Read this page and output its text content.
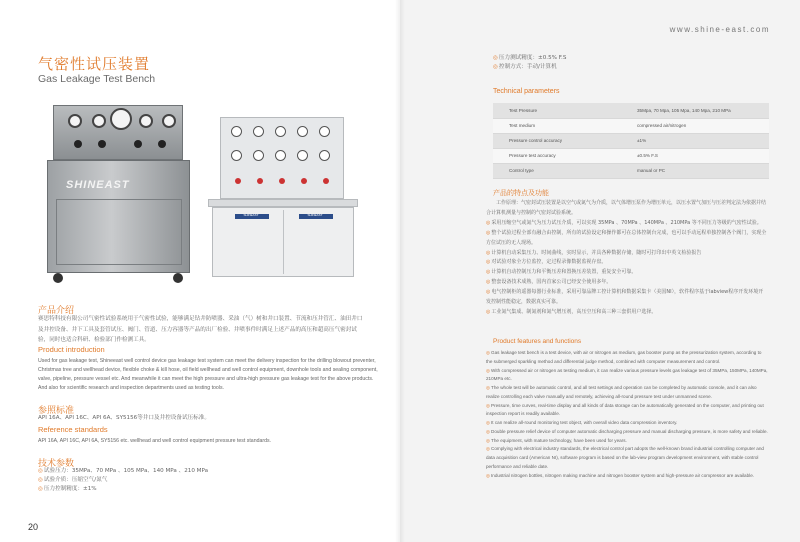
www.shine-east.com
气密性试压装置
Gas Leakage Test Bench
SHINEAST
产品介绍
赛思特科技有限公司气密性试验系统用于气密性试验，能够满足钻井防喷器、采油（气）树和井口装置、节流和压井管汇、油田井口及井控设备、井下工具及套管试压、阀门、管道、压力容器等产品的出厂检验、井喷事件时满足上述产品的高压和超高压气密封试验，同时也适合科研、检验部门作检测工具。
Product introduction
Used for gas leakage test, Shineeast well control device gas leakage test system can meet the delivery inspection for the drilling blowout preventer, Christmas tree and wellhead device, flexible choke & kill hose, oil field wellhead and well control equipment, downhole tools and sealing component, valve, pipeline, pressure vessel etc. And meanwhile it can meet the high pressure and ultra-high pressure gas leakage test for the above products. And also for scientific research and inspection departments used as testing tools.
参照标准
API 16A、API 16C、API 6A、SY5156等井口及井控设备试压标准。
Reference standards
API 16A, API 16C, API 6A, SY5156 etc. wellhead and well control equipment pressure test standards.
技术参数
◎试验压力：35MPa、70 MPa 、105 MPa、140 MPa 、210 MPa
◎试验介质：压缩空气/氮气
◎压力控制精度：±1%
20
◎压力测试精度：±0.5% F.S
◎控制方式：手动/计算机
Technical parameters
Test Pressure	35Mpa, 70 Mpa, 105 Mpa, 140 Mpa, 210 MPa
Test medium	compressed air/nitrogen
Pressure control accuracy	±1%
Pressure test accuracy	±0.5% F.S
Control type	manual or PC
产品的特点及功能
工作原理：气密封试压装置是以空气或氮气为介质，以气体增压泵作为增压单元，以压水置气加压与压差判定法为依据并结合计算机测量与控制的气密封试验系统。
◎采用压缩空气或氮气为压力试压介质，可以实现 35MPa 、70MPa 、140MPa 、210MPa 等不同压力等级的气密性试验。
◎整个试验过程全部有融合由控制，所有的试验设定和操作都可在总体控制台完成，也可以手动远程单独控制各个阀门，实现全方位试压的无人现场。
◎计算机自动采集压力、时间曲线，实时显示，并具各种数据存储，随时可打印出中英文检验报告
◎对试验对象全方位监控，定过程录像数据监视存盘。
◎计算机自动控制压力和平衡压差和置换压差装置，重复安全可靠。
◎整套设备技术成熟，国内首家公司已经安全使用多年。
◎电气控制柜的遥器每器行业标准，采用可靠品牌工控计算机和数据采集卡（美国NI），软件程序基于labview程序开发环境开发控制性能稳定，数据真实可靠。
◎工业氮气集成、制氮剂和氮气增压剂，高压空压和高三种三套供用户选择。
Product features and functions
◎Gas leakage test bench is a test device, with air or nitrogen as medium, gas booster pump as the pressurization system, according to the submerged sparkling method and differential judge method, combined with computer measurement and control.
◎With compressed air or nitrogen as testing medium, it can realize various pressure levels gas leakage test of 35MPa, 150MPa, 140MPa, 210MPa etc.
◎The whole test will be automatic control, and all test settings and operation can be completed by automatic console, and it can also realize controlling each valve manually and remotely, achieving all-round pressure test under unmanned scene.
◎Pressure, time curves, real-time display and all kinds of data storage can be automatically generated on the computer, and printing out inspection report is readily available.
◎It can realize all-round monitoring test object, with overall video data compression inventory.
◎Double pressure relief device of computer automatic discharging pressure and manual discharging pressure, is more safety and reliable.
◎The equipment, with mature technology, have been used for years.
◎Complying with electrical industry standards, the electrical control part adopts the well-known brand industrial controlling computer and data acquisition card (American NI), software program is based on the lab-view program development environment, with stable control performance and reliable date.
◎Industrial nitrogen bottles, nitrogen making machine and nitrogen booster system and high-pressure air compressor are available.
SHINEAST	SHINEAST
